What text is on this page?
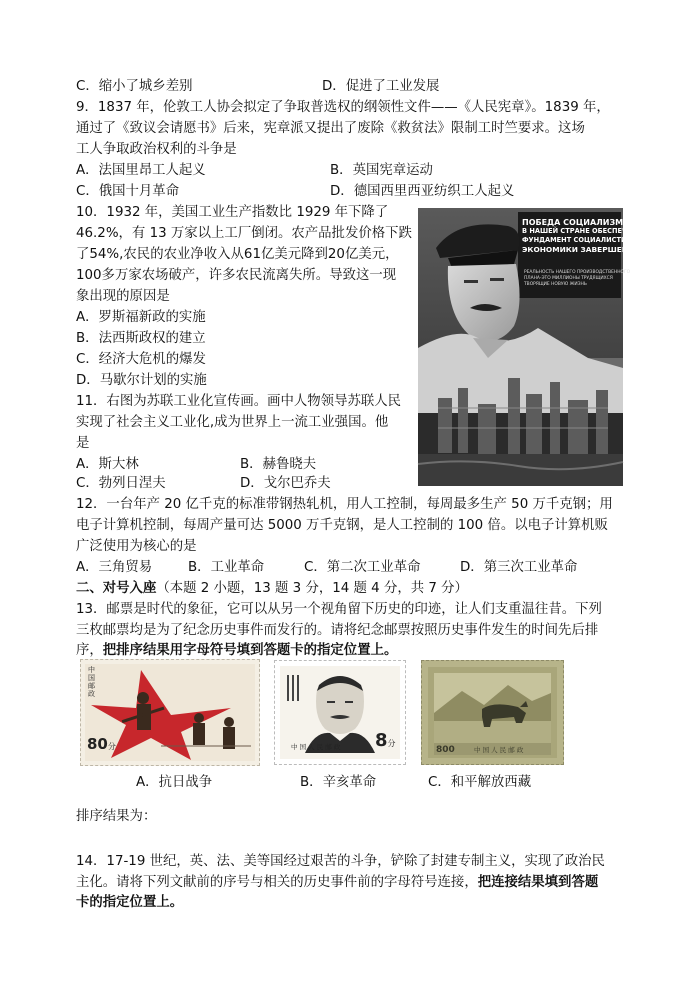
C．缩小了城乡差别	D．促进了工业发展
9．1837 年，伦敦工人协会拟定了争取普选权的纲领性文件——《人民宪章》。1839 年，
通过了《致议会请愿书》后来，宪章派又提出了废除《救贫法》限制工时竺要求。这场
工人争取政治权利的斗争是
A．法国里昂工人起义	B．英国宪章运动
C．俄国十月革命	D．德国西里西亚纺织工人起义
10．1932 年，美国工业生产指数比 1929 年下降了
46.2%，有 13 万家以上工厂倒闭。农产品批发价格下跌
了54%,农民的农业净收入从61亿美元降到20亿美元，
100多万家农场破产，许多农民流离失所。导致这一现
象出现的原因是
A．罗斯福新政的实施
B．法西斯政权的建立
C．经济大危机的爆发
D．马歇尔计划的实施
11．右图为苏联工业化宣传画。画中人物领导苏联人民
实现了社会主义工业化,成为世界上一流工业强国。他
是
A．斯大林	B．赫鲁晓夫
C．勃列日涅夫	D．戈尔巴乔夫
ПОБЕДА СОЦИАЛИЗМА
В НАШЕЙ СТРАНЕ ОБЕСПЕЧЕНА
ФУНДАМЕНТ СОЦИАЛИСТИЧЕСКОЙ
ЭКОНОМИКИ ЗАВЕРШЕН
РЕАЛЬНОСТЬ НАШЕГО ПРОИЗВОДСТВЕННОГО
ПЛАНА-ЭТО МИЛЛИОНЫ ТРУДЯЩИХСЯ
ТВОРЯЩИЕ НОВУЮ ЖИЗНЬ
12．一台年产 20 亿千克的标准带钢热轧机，用人工控制，每周最多生产 50 万千克钢；用
电子计算机控制，每周产量可达 5000 万千克钢，是人工控制的 100 倍。以电子计算机贩
广泛使用为核心的是
A．三角贸易	B．工业革命	C．第二次工业革命	D．第三次工业革命
二、对号入座（本题 2 小题，13 题 3 分，14 题 4 分，共 7 分）
13．邮票是时代的象征，它可以从另一个视角留下历史的印迹，让人们支重温往昔。下列
三枚邮票均是为了纪念历史事件而发行的。请将纪念邮票按照历史事件发生的时间先后排
序，把排序结果用字母符号填到答题卡的指定位置上。
中国邮政
80分	中 国 人 民 邮 政 8分
800	中 国 人 民 邮 政
A．抗日战争	B．辛亥革命	C．和平解放西藏
排序结果为：
14．17-19 世纪，英、法、美等国经过艰苦的斗争，铲除了封建专制主义，实现了政治民
主化。请将下列文献前的序号与相关的历史事件前的字母符号连接，把连接结果填到答题
卡的指定位置上。
